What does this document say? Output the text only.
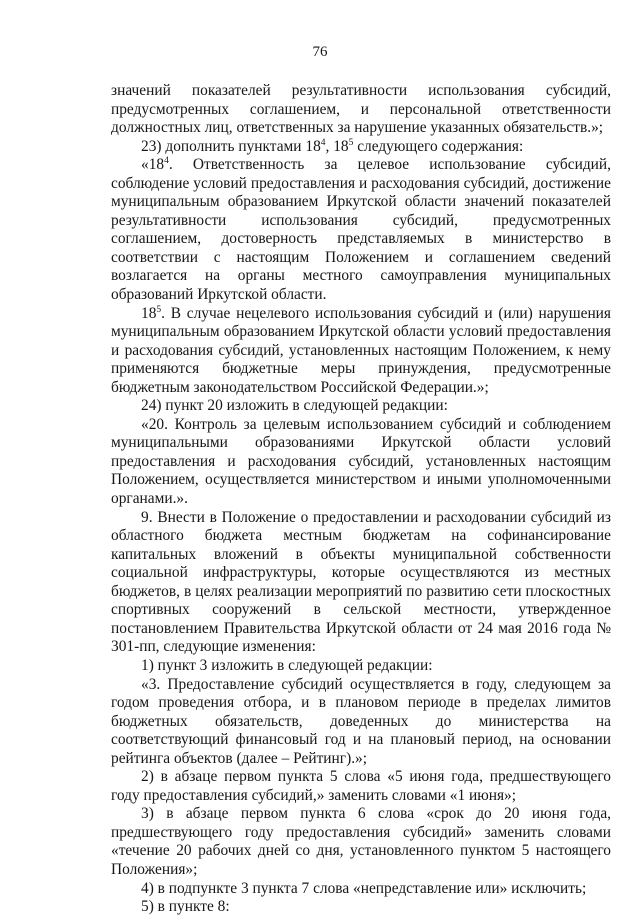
76

значений показателей результативности использования субсидий, предусмотренных соглашением, и персональной ответственности должностных лиц, ответственных за нарушение указанных обязательств.»;

23) дополнить пунктами $18^4$, $18^5$ следующего содержания:

«$18^4$. Ответственность за целевое использование субсидий, соблюдение условий предоставления и расходования субсидий, достижение муниципальным образованием Иркутской области значений показателей результативности использования субсидий, предусмотренных соглашением, достоверность представляемых в министерство в соответствии с настоящим Положением и соглашением сведений возлагается на органы местного самоуправления муниципальных образований Иркутской области.

$18^5$. В случае нецелевого использования субсидий и (или) нарушения муниципальным образованием Иркутской области условий предоставления и расходования субсидий, установленных настоящим Положением, к нему применяются бюджетные меры принуждения, предусмотренные бюджетным законодательством Российской Федерации.»;

24) пункт 20 изложить в следующей редакции:

«20. Контроль за целевым использованием субсидий и соблюдением муниципальными образованиями Иркутской области условий предоставления и расходования субсидий, установленных настоящим Положением, осуществляется министерством и иными уполномоченными органами.».

9. Внести в Положение о предоставлении и расходовании субсидий из областного бюджета местным бюджетам на софинансирование капитальных вложений в объекты муниципальной собственности социальной инфраструктуры, которые осуществляются из местных бюджетов, в целях реализации мероприятий по развитию сети плоскостных спортивных сооружений в сельской местности, утвержденное постановлением Правительства Иркутской области от 24 мая 2016 года № 301-пп, следующие изменения:

1) пункт 3 изложить в следующей редакции:

«3. Предоставление субсидий осуществляется в году, следующем за годом проведения отбора, и в плановом периоде в пределах лимитов бюджетных обязательств, доведенных до министерства на соответствующий финансовый год и на плановый период, на основании рейтинга объектов (далее – Рейтинг).»;

2) в абзаце первом пункта 5 слова «5 июня года, предшествующего году предоставления субсидий,» заменить словами «1 июня»;

3) в абзаце первом пункта 6 слова «срок до 20 июня года, предшествующего году предоставления субсидий» заменить словами «течение 20 рабочих дней со дня, установленного пунктом 5 настоящего Положения»;

4) в подпункте 3 пункта 7 слова «непредставление или» исключить;

5) в пункте 8:
